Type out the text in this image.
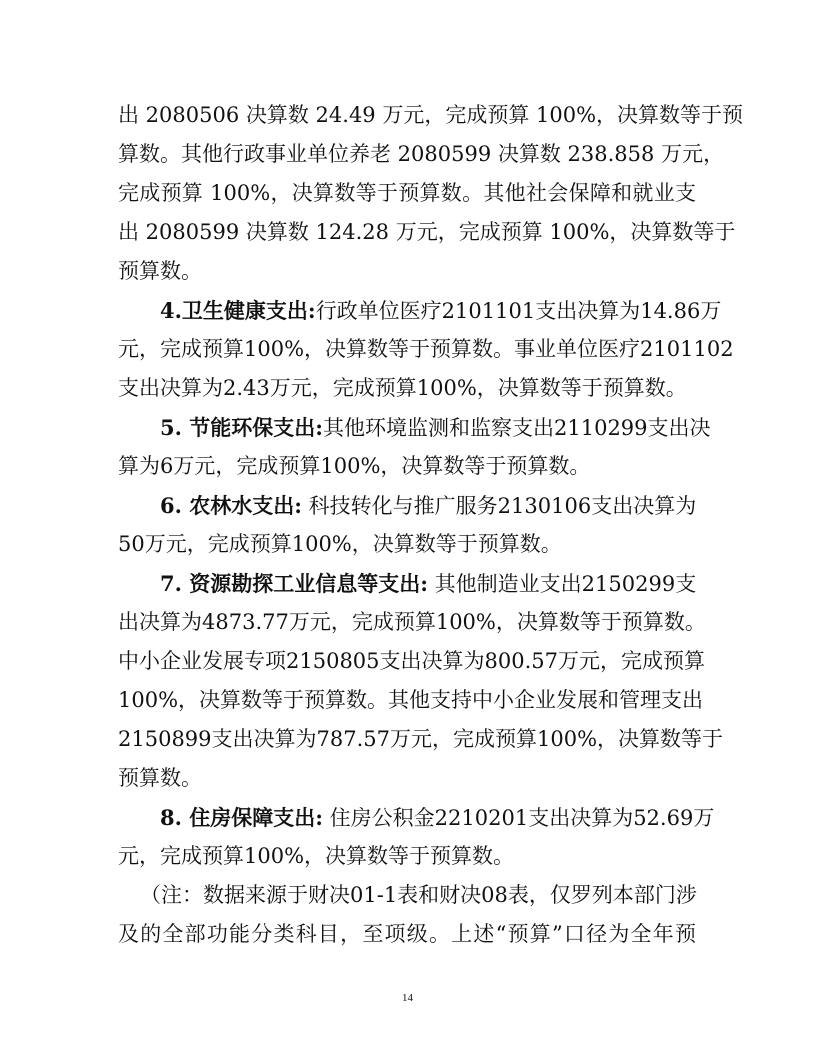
出 2080506 决算数 24.49 万元，完成预算 100%，决算数等于预
算数。其他行政事业单位养老 2080599 决算数 238.858 万元，
完成预算 100%，决算数等于预算数。其他社会保障和就业支
出 2080599 决算数 124.28 万元，完成预算 100%，决算数等于
预算数。
4.卫生健康支出:行政单位医疗2101101支出决算为14.86万
元，完成预算100%，决算数等于预算数。事业单位医疗2101102
支出决算为2.43万元，完成预算100%，决算数等于预算数。
5. 节能环保支出:其他环境监测和监察支出2110299支出决
算为6万元，完成预算100%，决算数等于预算数。
6. 农林水支出: 科技转化与推广服务2130106支出决算为
50万元，完成预算100%，决算数等于预算数。
7. 资源勘探工业信息等支出: 其他制造业支出2150299支
出决算为4873.77万元，完成预算100%，决算数等于预算数。
中小企业发展专项2150805支出决算为800.57万元，完成预算
100%，决算数等于预算数。其他支持中小企业发展和管理支出
2150899支出决算为787.57万元，完成预算100%，决算数等于
预算数。
8. 住房保障支出: 住房公积金2210201支出决算为52.69万
元，完成预算100%，决算数等于预算数。
（注：数据来源于财决01-1表和财决08表，仅罗列本部门涉
及的全部功能分类科目，至项级。上述“预算”口径为全年预
14
